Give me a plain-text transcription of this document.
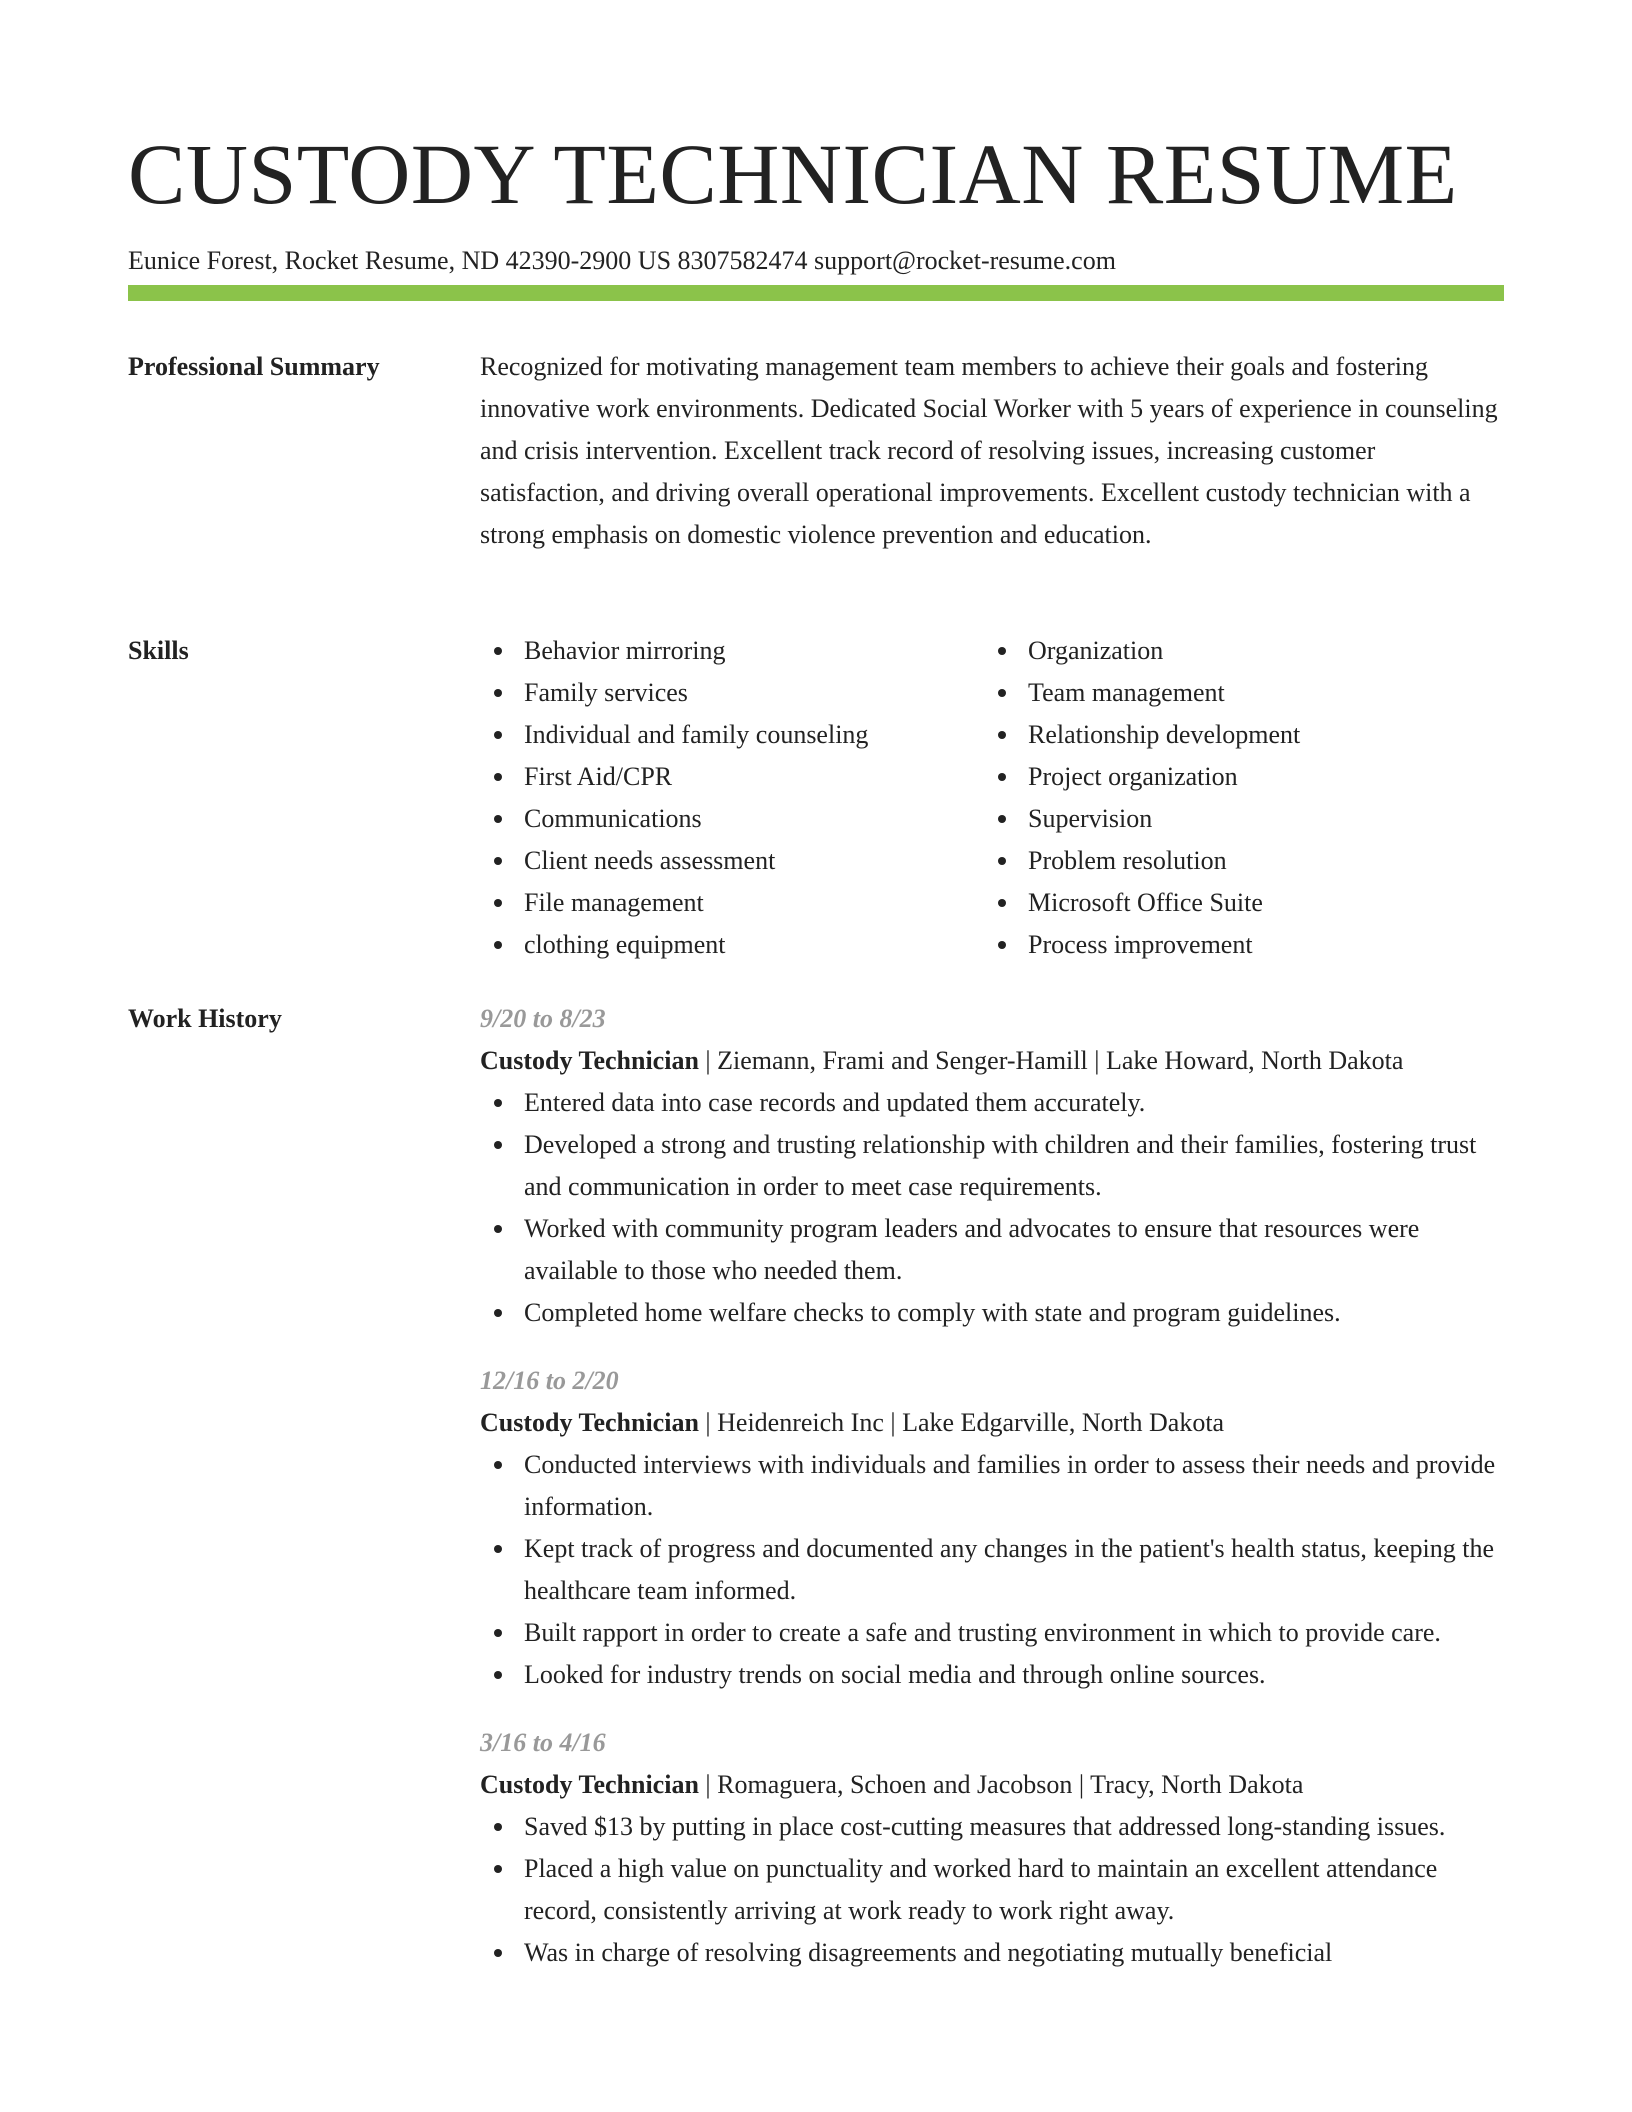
CUSTODY TECHNICIAN RESUME
Eunice Forest, Rocket Resume, ND 42390-2900 US 8307582474 support@rocket-resume.com
Professional Summary	Recognized for motivating management team members to achieve their goals and fostering innovative work environments. Dedicated Social Worker with 5 years of experience in counseling and crisis intervention. Excellent track record of resolving issues, increasing customer satisfaction, and driving overall operational improvements. Excellent custody technician with a strong emphasis on domestic violence prevention and education.
Skills	Behavior mirroring
Family services
Individual and family counseling
First Aid/CPR
Communications
Client needs assessment
File management
clothing equipment
Organization
Team management
Relationship development
Project organization
Supervision
Problem resolution
Microsoft Office Suite
Process improvement
Work History	9/20 to 8/23
Custody Technician | Ziemann, Frami and Senger-Hamill | Lake Howard, North Dakota
Entered data into case records and updated them accurately.
Developed a strong and trusting relationship with children and their families, fostering trust and communication in order to meet case requirements.
Worked with community program leaders and advocates to ensure that resources were available to those who needed them.
Completed home welfare checks to comply with state and program guidelines.
12/16 to 2/20
Custody Technician | Heidenreich Inc | Lake Edgarville, North Dakota
Conducted interviews with individuals and families in order to assess their needs and provide information.
Kept track of progress and documented any changes in the patient's health status, keeping the healthcare team informed.
Built rapport in order to create a safe and trusting environment in which to provide care.
Looked for industry trends on social media and through online sources.
3/16 to 4/16
Custody Technician | Romaguera, Schoen and Jacobson | Tracy, North Dakota
Saved $13 by putting in place cost-cutting measures that addressed long-standing issues.
Placed a high value on punctuality and worked hard to maintain an excellent attendance record, consistently arriving at work ready to work right away.
Was in charge of resolving disagreements and negotiating mutually beneficial
